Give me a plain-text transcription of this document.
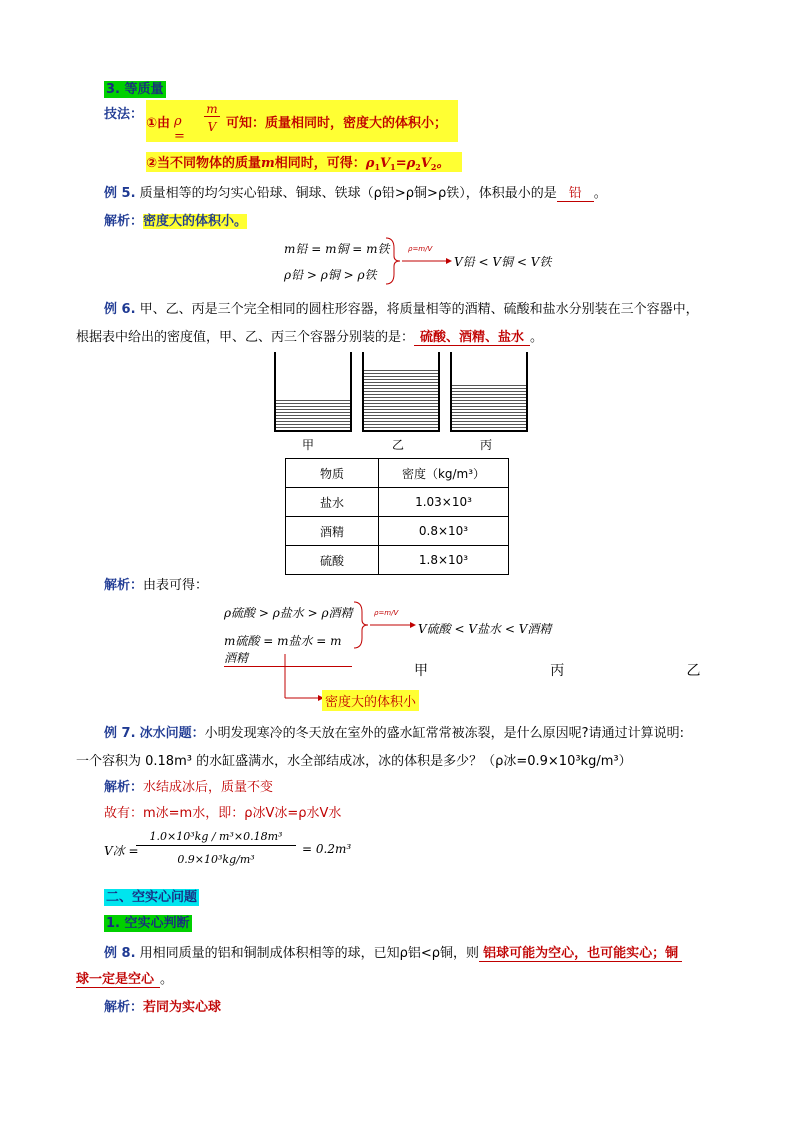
3. 等质量
技法：
①由 ρ =
m
V 可知：质量相同时，密度大的体积小；
②当不同物体的质量m相同时，可得：$\rho_1V_1=\rho_2V_2$。
例 5. 质量相等的均匀实心铅球、铜球、铁球（ρ铅>ρ铜>ρ铁），体积最小的是 铅 。
解析：密度大的体积小。
m铅 = m铜 = m铁
ρ铅 > ρ铜 > ρ铁
ρ=m/V
V铅 < V铜 < V铁
例 6. 甲、乙、丙是三个完全相同的圆柱形容器，将质量相等的酒精、硫酸和盐水分别装在三个容器中，
根据表中给出的密度值，甲、乙、丙三个容器分别装的是： 硫酸、酒精、盐水 。
甲	乙	丙
物质	密度（kg/m³）
盐水	1.03×10³
酒精	0.8×10³
硫酸	1.8×10³
解析：由表可得：
ρ硫酸 > ρ盐水 > ρ酒精
m硫酸 = m盐水 = m酒精
ρ=m/V
V硫酸 < V盐水 < V酒精
甲	丙	乙
密度大的体积小
例 7. 冰水问题：小明发现寒冷的冬天放在室外的盛水缸常常被冻裂，是什么原因呢?请通过计算说明:
一个容积为 0.18m³ 的水缸盛满水，水全部结成冰，冰的体积是多少？（ρ冰=0.9×10³kg/m³）
解析：水结成冰后，质量不变
故有：m冰=m水，即：ρ冰V冰=ρ水V水
V冰 =
1.0×10³kg / m³×0.18m³
0.9×10³kg/m³
= 0.2m³
二、空实心问题
1. 空实心判断
例 8. 用相同质量的铝和铜制成体积相等的球，已知ρ铝<ρ铜，则 铝球可能为空心，也可能实心；铜
球一定是空心 。
解析：若同为实心球
